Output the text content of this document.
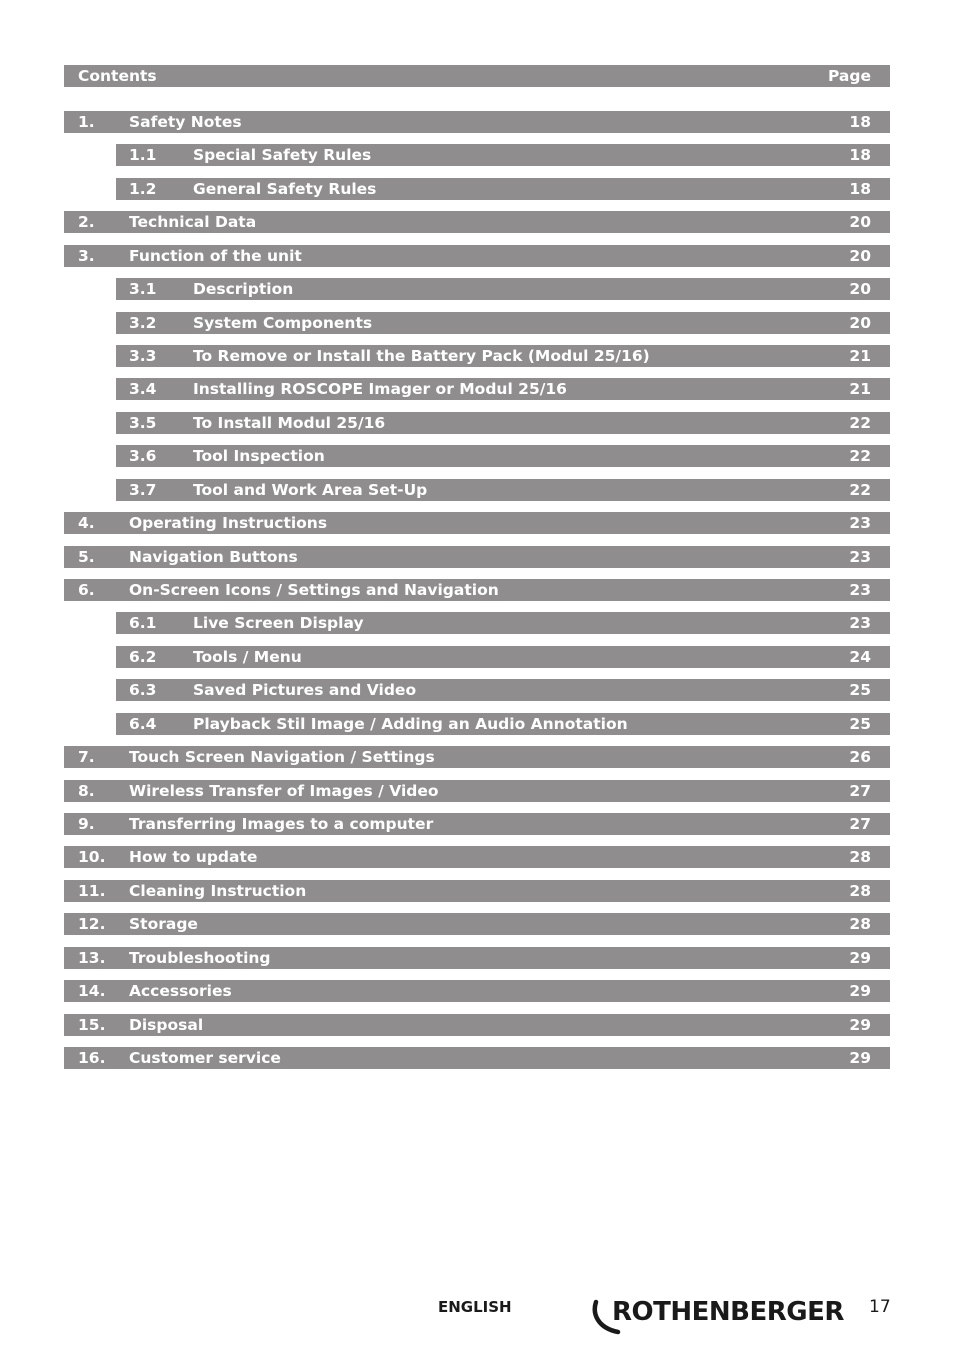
Contents	Page
1. Safety Notes	18
1.1 Special Safety Rules	18
1.2 General Safety Rules	18
2. Technical Data	20
3. Function of the unit	20
3.1 Description	20
3.2 System Components	20
3.3 To Remove or Install the Battery Pack (Modul 25/16)	21
3.4 Installing ROSCOPE Imager or Modul 25/16	21
3.5 To Install Modul 25/16	22
3.6 Tool Inspection	22
3.7 Tool and Work Area Set-Up	22
4. Operating Instructions	23
5. Navigation Buttons	23
6. On-Screen Icons / Settings and Navigation	23
6.1 Live Screen Display	23
6.2 Tools / Menu	24
6.3 Saved Pictures and Video	25
6.4 Playback Stil Image / Adding an Audio Annotation	25
7. Touch Screen Navigation / Settings	26
8. Wireless Transfer of Images / Video	27
9. Transferring Images to a computer	27
10. How to update	28
11. Cleaning Instruction	28
12. Storage	28
13. Troubleshooting	29
14. Accessories	29
15. Disposal	29
16. Customer service	29
ENGLISH	ROTHENBERGER 17
